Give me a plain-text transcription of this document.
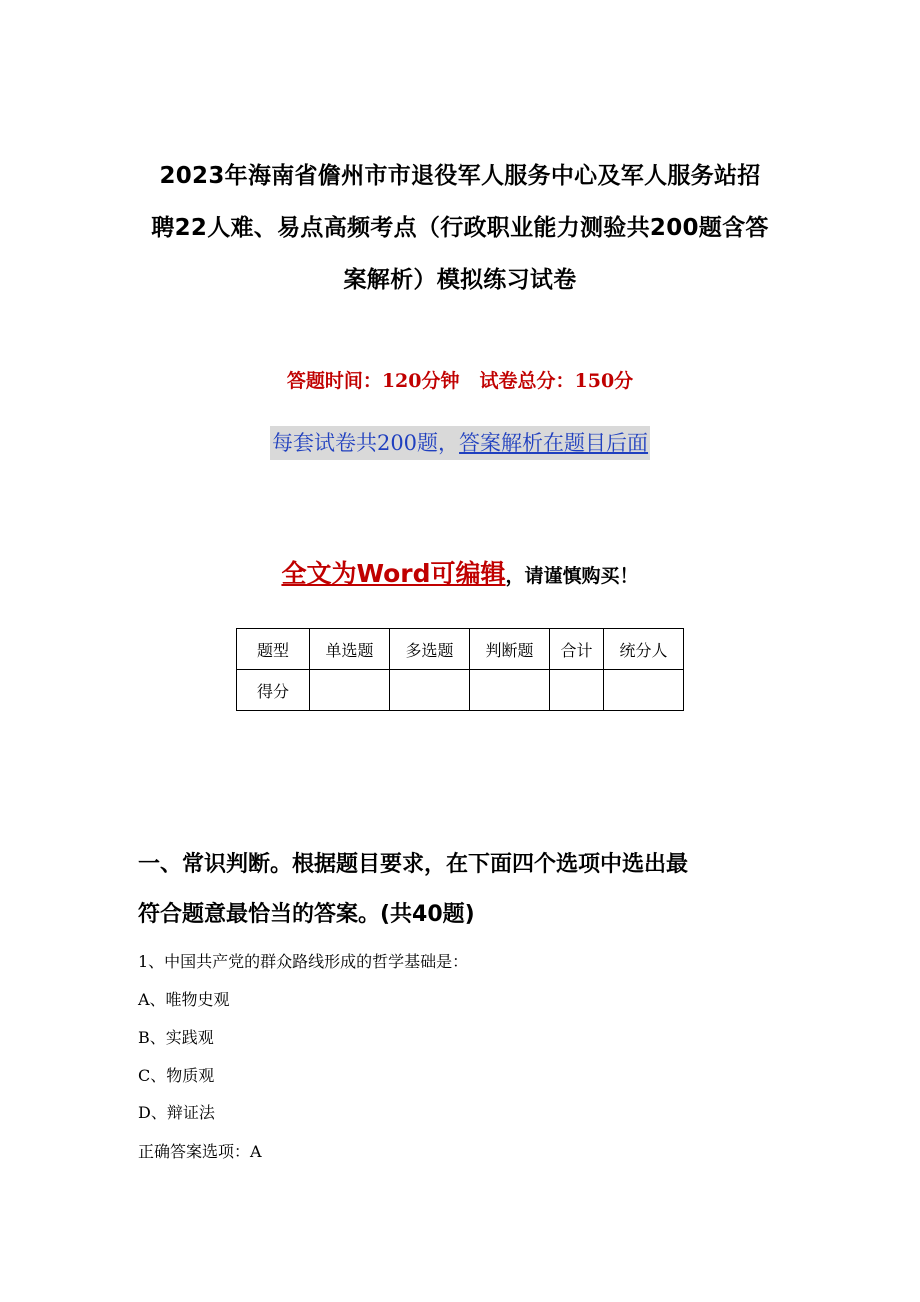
2023年海南省儋州市市退役军人服务中心及军人服务站招
聘22人难、易点高频考点（行政职业能力测验共200题含答
案解析）模拟练习试卷
答题时间：120分钟 试卷总分：150分
每套试卷共200题，答案解析在题目后面
全文为Word可编辑，请谨慎购买！
题型	单选题	多选题	判断题	合计	统分人
得分					
一、常识判断。根据题目要求，在下面四个选项中选出最
符合题意最恰当的答案。(共40题)
1、中国共产党的群众路线形成的哲学基础是：
A、唯物史观
B、实践观
C、物质观
D、辩证法
正确答案选项：A
